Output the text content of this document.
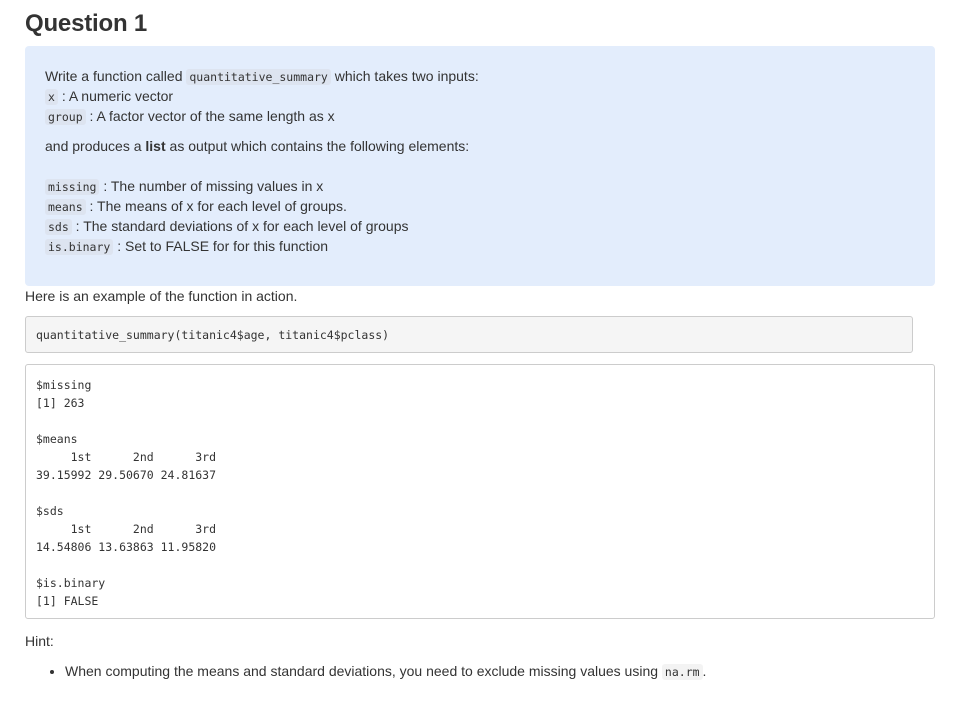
Question 1
Write a function called quantitative_summary which takes two inputs:
x : A numeric vector
group : A factor vector of the same length as x
and produces a list as output which contains the following elements:
missing : The number of missing values in x
means : The means of x for each level of groups.
sds : The standard deviations of x for each level of groups
is.binary : Set to FALSE for for this function

Here is an example of the function in action.

quantitative_summary(titanic4$age, titanic4$pclass)
$missing
[1] 263

$means
1st      2nd      3rd
39.15992 29.50670 24.81637

$sds
1st      2nd      3rd
14.54806 13.63863 11.95820

$is.binary
[1] FALSE
Hint:
• When computing the means and standard deviations, you need to exclude missing values using na.rm .
